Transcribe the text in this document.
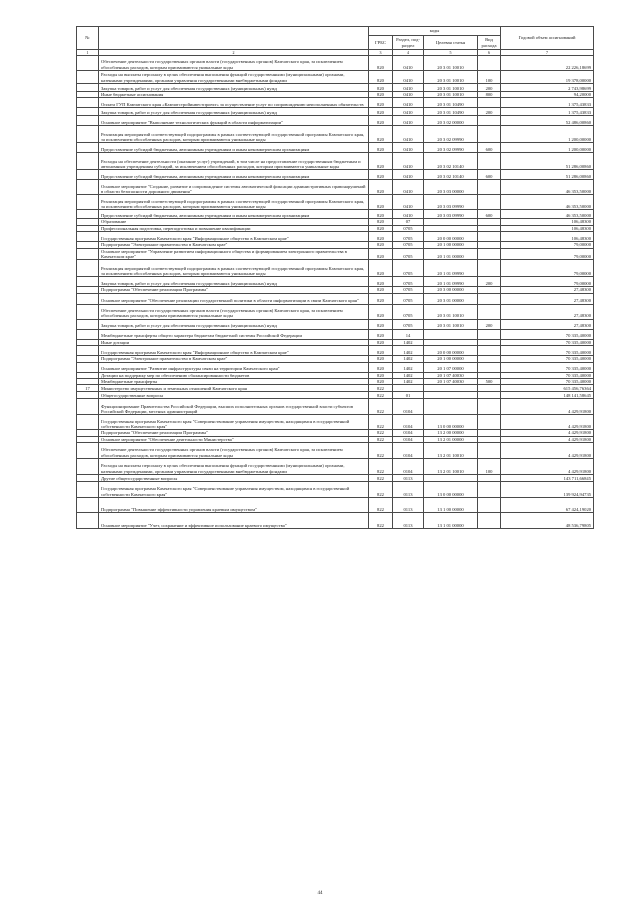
№		коды				Годовой объем ассигнований
		ГРБС	Раздел, под-раздел	Целевая статья	Вид расхода	
1	2	3	4	5	6	7
	Обеспечение деятельности государственных органов власти (государственных органов) Камчатского края, за исключением обособленных расходов, которым присваиваются уникальные коды	820	0410	20 3 01 10010		22 226,18699
	Расходы на выплаты персоналу в целях обеспечения выполнения функций государственными (муниципальными) органами, казенными учреждениями, органами управления государственными внебюджетными фондами	820	0410	20 3 01 10010	100	19 378,00000
	Закупка товаров, работ и услуг для обеспечения государственных (муниципальных) нужд	820	0410	20 3 01 10010	200	2 743,98699
	Иные бюджетные ассигнования	820	0410	20 3 01 10010	800	94,20000
	Оплата ГУП Камчатского края «Камчатстройинвестпроект» за осуществление услуг по сопровождению неисполненных обязательств	820	0410	20 3 01 10490		1 375,43833
	Закупка товаров, работ и услуг для обеспечения государственных (муниципальных) нужд	820	0410	20 3 01 10490	200	1 375,43833
	Основное мероприятие "Выполнение технологических функций в области информатизации"	820	0410	20 3 02 00000		52 486,00860
	Реализация мероприятий соответствующей подпрограммы в рамках соответствующей государственной программы Камчатского края, за исключением обособленных расходов, которым присваиваются уникальные коды	820	0410	20 3 02 09990		1 200,00000
	Предоставление субсидий бюджетным, автономным учреждениям и иным некоммерческим организациям	820	0410	20 3 02 09990	600	1 200,00000
	Расходы на обеспечение деятельности (оказание услуг) учреждений, в том числе на предоставление государственным бюджетным и автономным учреждениям субсидий, за исключением обособленных расходов, которым присваиваются уникальные коды	820	0410	20 3 02 10140		51 286,00860
	Предоставление субсидий бюджетным, автономным учреждениям и иным некоммерческим организациям	820	0410	20 3 02 10140	600	51 286,00860
	Основное мероприятие "Создание, развитие и сопровождение системы автоматической фиксации административных правонарушений в области безопасности дорожного движения"	820	0410	20 3 03 00000		46 353,50000
	Реализация мероприятий соответствующей подпрограммы в рамках соответствующей государственной программы Камчатского края, за исключением обособленных расходов, которым присваиваются уникальные коды	820	0410	20 3 03 09990		46 353,50000
	Предоставление субсидий бюджетным, автономным учреждениям и иным некоммерческим организациям	820	0410	20 3 03 09990	600	46 353,50000
	Образование	820	07			106,48300
	Профессиональная подготовка, переподготовка и повышение квалификации	820	0705			106,48300
	Государственная программа Камчатского края "Информационное общество в Камчатском крае"	820	0705	20 0 00 00000		106,48300
	Подпрограмма "Электронное правительство в Камчатском крае"	820	0705	20 1 00 00000		79,00000
	Основное мероприятие "Управление развитием информационного общества и формированием электронного правительства в Камчатском крае"	820	0705	20 1 01 00000		79,00000
	Реализация мероприятий соответствующей подпрограммы в рамках соответствующей государственной программы Камчатского края, за исключением обособленных расходов, которым присваиваются уникальные коды	820	0705	20 1 01 09990		79,00000
	Закупка товаров, работ и услуг для обеспечения государственных (муниципальных) нужд	820	0705	20 1 01 09990	200	79,00000
	Подпрограмма "Обеспечение реализации Программы"	820	0705	20 3 00 00000		27,48300
	Основное мероприятие "Обеспечение реализации государственной политики в области информатизации в связи Камчатского края"	820	0705	20 3 01 00000		27,48300
	Обеспечение деятельности государственных органов власти (государственных органов) Камчатского края, за исключением обособленных расходов, которым присваиваются уникальные коды	820	0705	20 3 01 10010		27,48300
	Закупка товаров, работ и услуг для обеспечения государственных (муниципальных) нужд	820	0705	20 3 01 10010	200	27,48300
	Межбюджетные трансферты общего характера бюджетам бюджетной системы Российской Федерации	820	14			70 335,40000
	Иные дотации	820	1402			70 335,40000
	Государственная программа Камчатского края "Информационное общество в Камчатском крае"	820	1402	20 0 00 00000		70 335,40000
	Подпрограмма "Электронное правительство в Камчатском крае"	820	1402	20 1 00 00000		70 335,40000
	Основное мероприятие "Развитие инфраструктуры связи на территории Камчатского края"	820	1402	20 1 07 00000		70 335,40000
	Дотации на поддержку мер по обеспечению сбалансированности бюджетов	820	1402	20 1 07 40030		70 335,40000
	Межбюджетные трансферты	820	1402	20 1 07 40030	500	70 335,40000
17	Министерство имущественных и земельных отношений Камчатского края	822				615 456,76364
	Общегосударственные вопросы	822	01			148 141,58645
	Функционирование Правительства Российской Федерации, высших исполнительных органов государственной власти субъектов Российской Федерации, местных администраций	822	0104			4 429,91800
	Государственная программа Камчатского края "Совершенствование управления имуществом, находящимся в государственной собственности Камчатского края"	822	0104	13 0 00 00000		4 429,91800
	Подпрограмма "Обеспечение реализации Программы"	822	0104	13 2 00 00000		4 429,91800
	Основное мероприятие "Обеспечение деятельности Министерства"	822	0104	13 2 01 00000		4 429,91800
	Обеспечение деятельности государственных органов власти (государственных органов) Камчатского края, за исключением обособленных расходов, которым присваиваются уникальные коды	822	0104	13 2 01 10010		4 429,91800
	Расходы на выплаты персоналу в целях обеспечения выполнения функций государственными (муниципальными) органами, казенными учреждениями, органами управления государственными внебюджетными фондами	822	0104	13 2 01 10010	100	4 429,91800
	Другие общегосударственные вопросы	822	0113			143 711,66845
	Государственная программа Камчатского края "Совершенствование управления имуществом, находящимся в государственной собственности Камчатского края"	822	0113	13 0 00 00000		139 924,94735
	Подпрограмма "Повышение эффективности управления краевым имуществом"	822	0113	13 1 00 00000		67 424,19020
	Основное мероприятие "Учет, сохранение и эффективное использование краевого имущества"	822	0113	13 1 01 00000		48 536,79805
44
